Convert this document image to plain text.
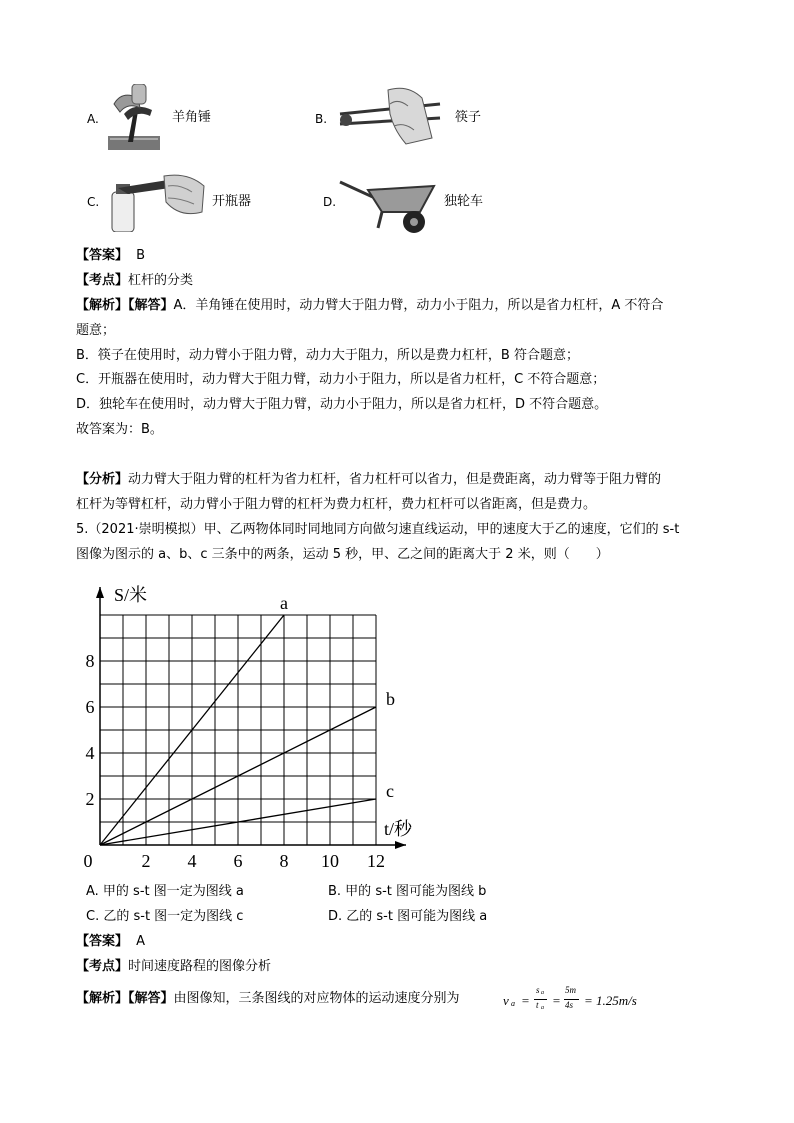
A.	羊角锤	B.	筷子
C.	开瓶器	D.	独轮车
【答案】 B
【考点】杠杆的分类
【解析】【解答】A．羊角锤在使用时，动力臂大于阻力臂，动力小于阻力，所以是省力杠杆，A 不符合
题意；
B．筷子在使用时，动力臂小于阻力臂，动力大于阻力，所以是费力杠杆，B 符合题意；
C．开瓶器在使用时，动力臂大于阻力臂，动力小于阻力，所以是省力杠杆，C 不符合题意；
D．独轮车在使用时，动力臂大于阻力臂，动力小于阻力，所以是省力杠杆，D 不符合题意。
故答案为：B。
【分析】动力臂大于阻力臂的杠杆为省力杠杆，省力杠杆可以省力，但是费距离，动力臂等于阻力臂的
杠杆为等臂杠杆，动力臂小于阻力臂的杠杆为费力杠杆，费力杠杆可以省距离，但是费力。
5.（2021·崇明模拟）甲、乙两物体同时同地同方向做匀速直线运动，甲的速度大于乙的速度，它们的 s-t
图像为图示的 a、b、c 三条中的两条，运动 5 秒，甲、乙之间的距离大于 2 米，则（　　）
2 4 6 8 10 12
2
4
6
8
0
S/米
t/秒
a
b
c
A. 甲的 s-t 图一定为图线 a	B. 甲的 s-t 图可能为图线 b
C. 乙的 s-t 图一定为图线 c	D. 乙的 s-t 图可能为图线 a
【答案】 A
【考点】时间速度路程的图像分析
【解析】【解答】由图像知，三条图线的对应物体的运动速度分别为	v a =
s a
t a =
5m
4s = 1.25m/s
